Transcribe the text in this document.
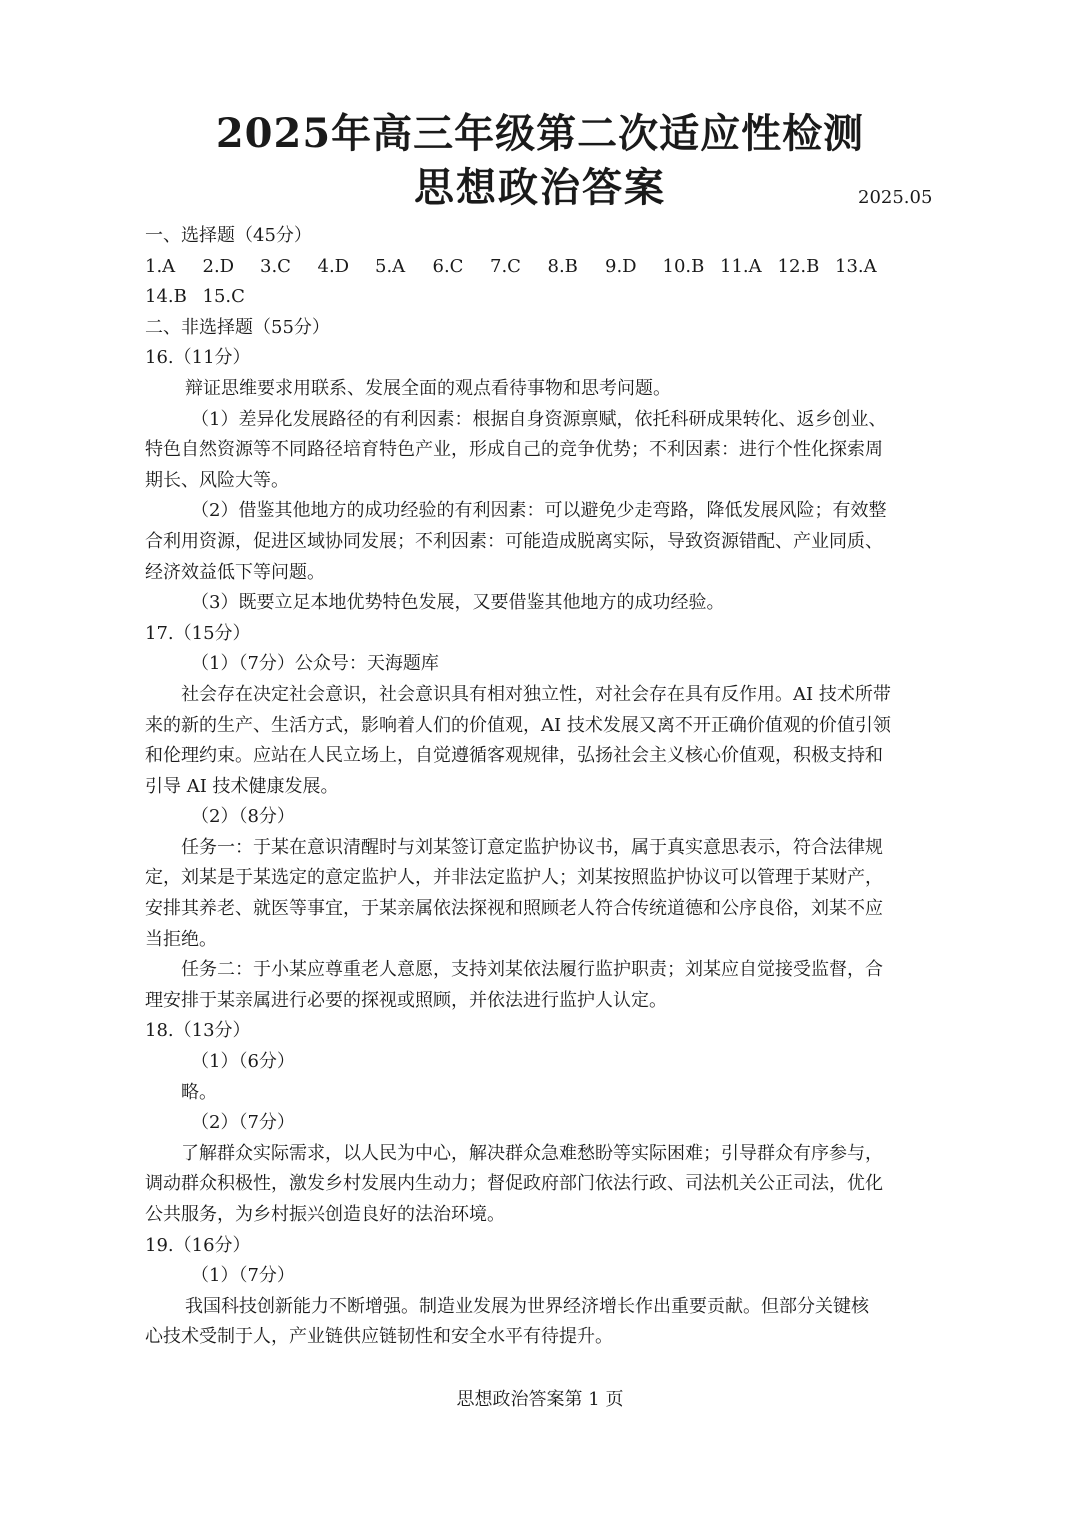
2025年高三年级第二次适应性检测
思想政治答案	2025.05
一、选择题（45分）
1.A	2.D	3.C	4.D	5.A	6.C	7.C	8.B	9.D	10.B 11.A 12.B 13.A
14.B 15.C
二、非选择题（55分）
16.（11分）
辩证思维要求用联系、发展全面的观点看待事物和思考问题。
（1）差异化发展路径的有利因素：根据自身资源禀赋，依托科研成果转化、返乡创业、
特色自然资源等不同路径培育特色产业，形成自己的竞争优势；不利因素：进行个性化探索周
期长、风险大等。
（2）借鉴其他地方的成功经验的有利因素：可以避免少走弯路，降低发展风险；有效整
合利用资源，促进区域协同发展；不利因素：可能造成脱离实际，导致资源错配、产业同质、
经济效益低下等问题。
（3）既要立足本地优势特色发展，又要借鉴其他地方的成功经验。
17.（15分）
（1）（7分）公众号：天海题库
社会存在决定社会意识，社会意识具有相对独立性，对社会存在具有反作用。AI 技术所带
来的新的生产、生活方式，影响着人们的价值观，AI 技术发展又离不开正确价值观的价值引领
和伦理约束。应站在人民立场上，自觉遵循客观规律，弘扬社会主义核心价值观，积极支持和
引导 AI 技术健康发展。
（2）（8分）
任务一：于某在意识清醒时与刘某签订意定监护协议书，属于真实意思表示，符合法律规
定，刘某是于某选定的意定监护人，并非法定监护人；刘某按照监护协议可以管理于某财产，
安排其养老、就医等事宜，于某亲属依法探视和照顾老人符合传统道德和公序良俗，刘某不应
当拒绝。
任务二：于小某应尊重老人意愿，支持刘某依法履行监护职责；刘某应自觉接受监督，合
理安排于某亲属进行必要的探视或照顾，并依法进行监护人认定。
18.（13分）
（1）（6分）
略。
（2）（7分）
了解群众实际需求，以人民为中心，解决群众急难愁盼等实际困难；引导群众有序参与，
调动群众积极性，激发乡村发展内生动力；督促政府部门依法行政、司法机关公正司法，优化
公共服务，为乡村振兴创造良好的法治环境。
19.（16分）
（1）（7分）
我国科技创新能力不断增强。制造业发展为世界经济增长作出重要贡献。但部分关键核
心技术受制于人，产业链供应链韧性和安全水平有待提升。
思想政治答案第 1 页
